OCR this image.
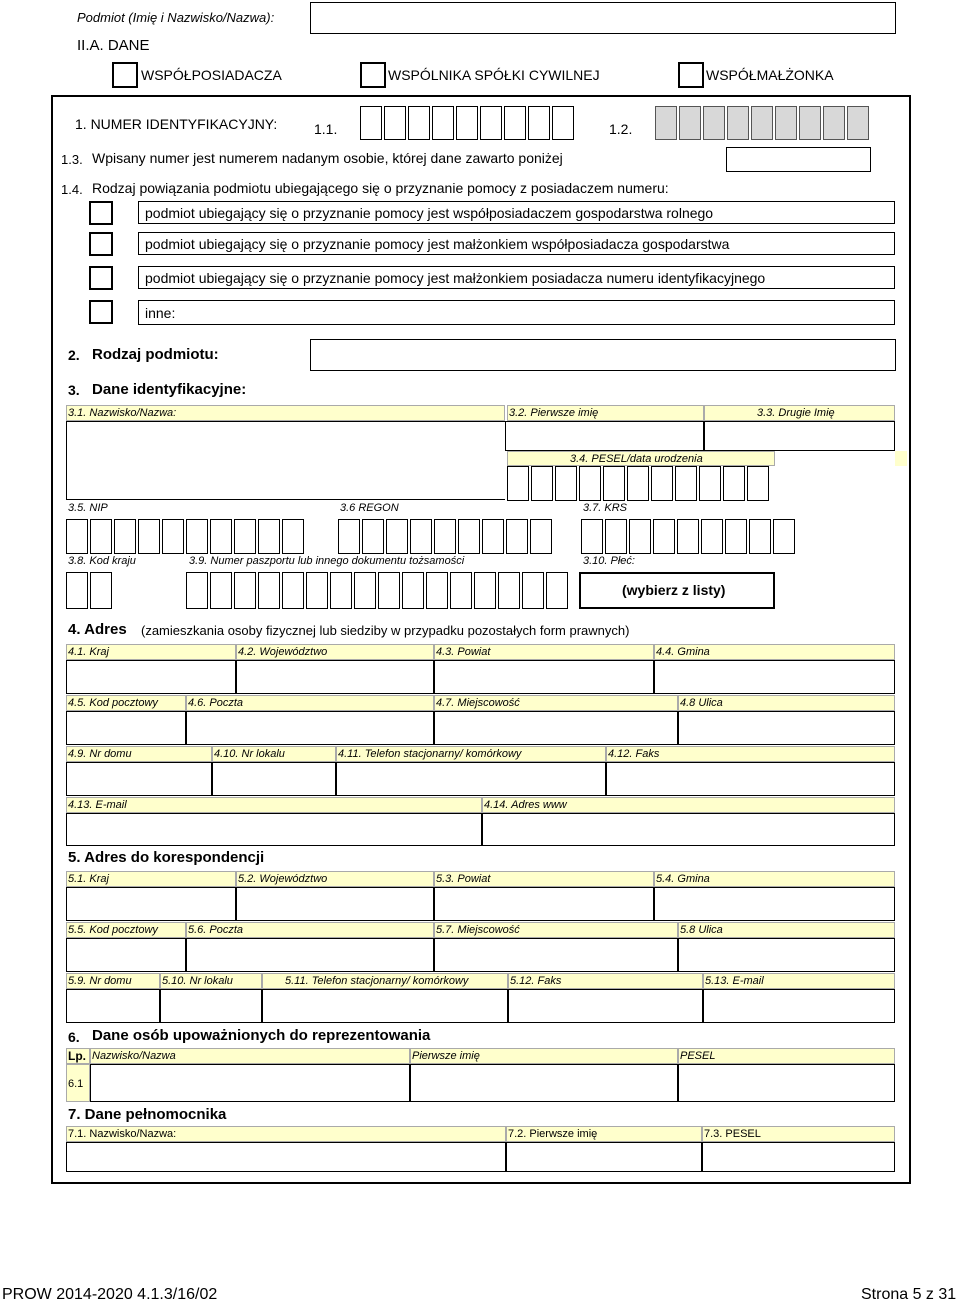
Podmiot (Imię i Nazwisko/Nazwa):
II.A. DANE
WSPÓŁPOSIADACZA	WSPÓLNIKA SPÓŁKI CYWILNEJ	WSPÓŁMAŁŻONKA
1. NUMER IDENTYFIKACYJNY:	1.1.	1.2.
1.3. Wpisany numer jest numerem nadanym osobie, której dane zawarto poniżej
1.4. Rodzaj powiązania podmiotu ubiegającego się o przyznanie pomocy z posiadaczem numeru:
podmiot ubiegający się o przyznanie pomocy jest współposiadaczem gospodarstwa rolnego
podmiot ubiegający się o przyznanie pomocy jest małżonkiem współposiadacza gospodarstwa
podmiot ubiegający się o przyznanie pomocy jest małżonkiem posiadacza numeru identyfikacyjnego
inne:
2. Rodzaj podmiotu:
3. Dane identyfikacyjne:
3.1. Nazwisko/Nazwa:	3.2. Pierwsze imię	3.3. Drugie Imię
3.4. PESEL/data urodzenia
3.5. NIP	3.6 REGON	3.7. KRS
3.8. Kod kraju	3.9. Numer paszportu lub innego dokumentu tożsamości	3.10. Płeć:
(wybierz z listy)
4. Adres (zamieszkania osoby fizycznej lub siedziby w przypadku pozostałych form prawnych)
4.1. Kraj	4.2. Województwo	4.3. Powiat	4.4. Gmina
4.5. Kod pocztowy	4.6. Poczta	4.7. Miejscowość	4.8 Ulica
4.9. Nr domu	4.10. Nr lokalu	4.11. Telefon stacjonarny/ komórkowy	4.12. Faks
4.13. E-mail	4.14. Adres www
5. Adres do korespondencji
5.1. Kraj	5.2. Województwo	5.3. Powiat	5.4. Gmina
5.5. Kod pocztowy	5.6. Poczta	5.7. Miejscowość	5.8 Ulica
5.9. Nr domu	5.10. Nr lokalu	5.11. Telefon stacjonarny/ komórkowy	5.12. Faks	5.13. E-mail
6. Dane osób upoważnionych do reprezentowania
Lp. Nazwisko/Nazwa	Pierwsze imię	PESEL
6.1
7. Dane pełnomocnika
7.1. Nazwisko/Nazwa:	7.2. Pierwsze imię	7.3. PESEL
PROW 2014-2020 4.1.3/16/02	Strona 5 z 31
